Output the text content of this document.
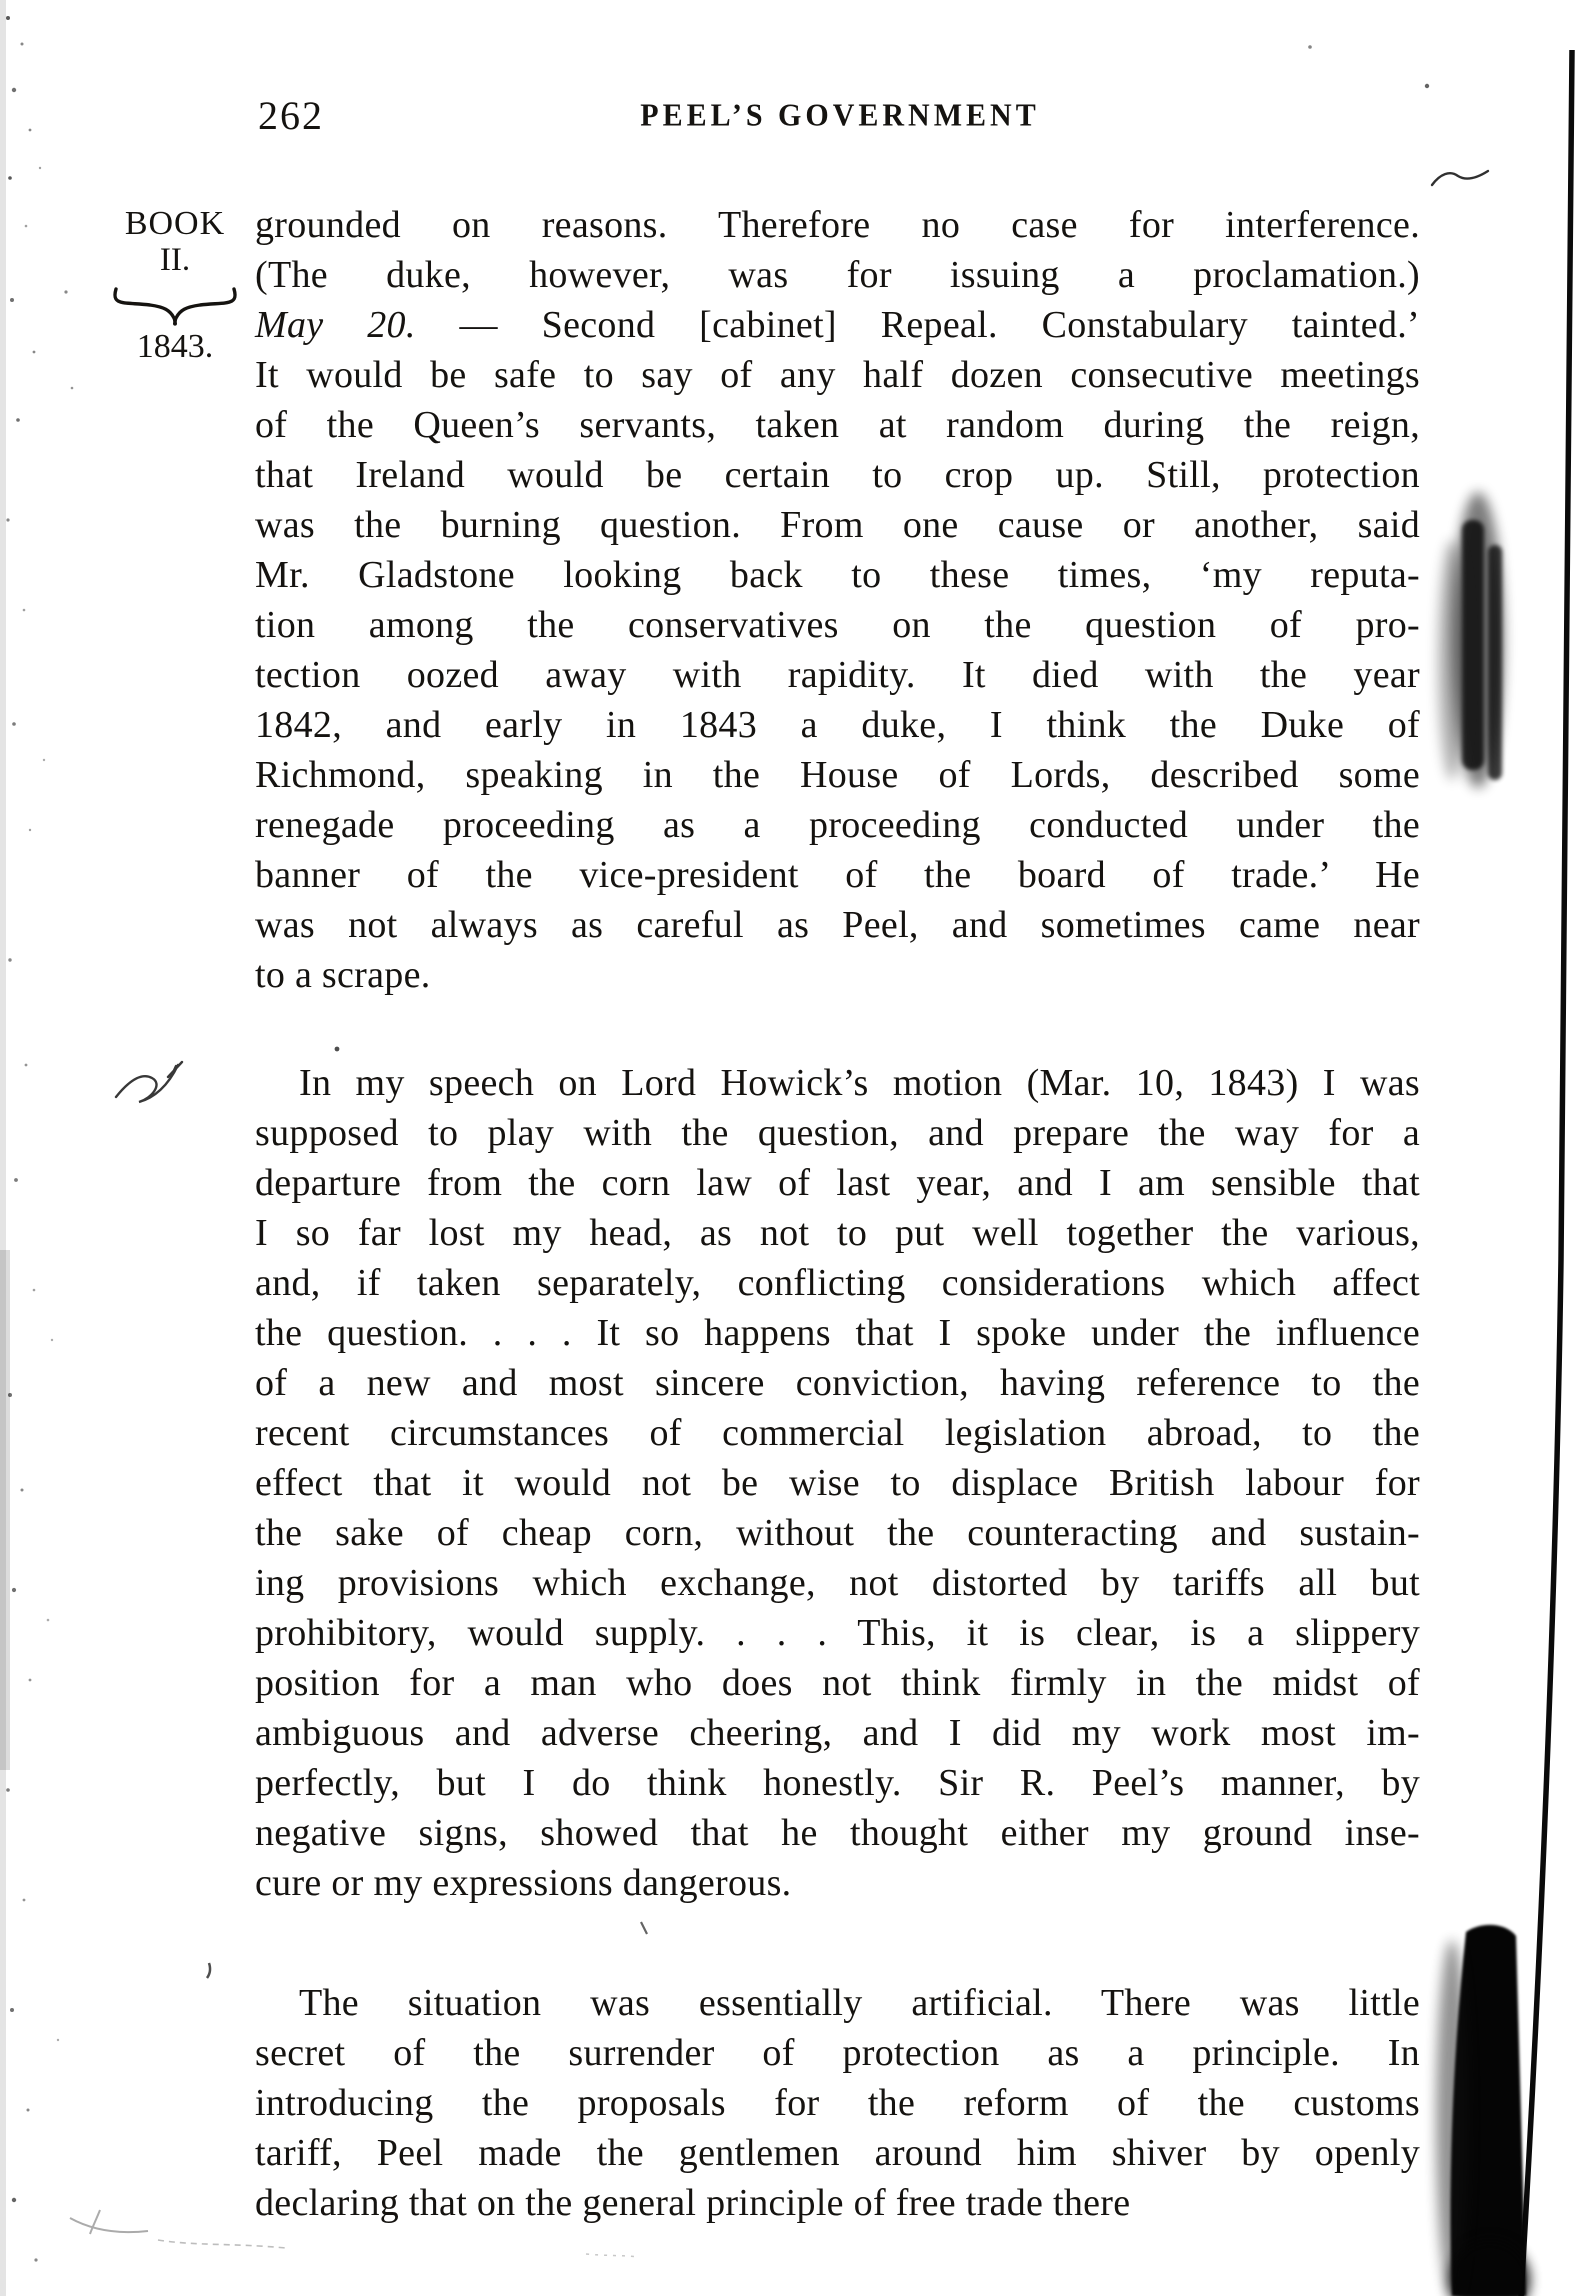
262	PEEL’S GOVERNMENT
BOOK
II.
1843.
grounded on reasons. Therefore no case for interference.
(The duke, however, was for issuing a proclamation.)
May 20. — Second [cabinet] Repeal. Constabulary tainted.’
It would be safe to say of any half dozen consecutive meetings
of the Queen’s servants, taken at random during the reign,
that Ireland would be certain to crop up. Still, protection
was the burning question. From one cause or another, said
Mr. Gladstone looking back to these times, ‘my reputa-
tion among the conservatives on the question of pro-
tection oozed away with rapidity. It died with the year
1842, and early in 1843 a duke, I think the Duke of
Richmond, speaking in the House of Lords, described some
renegade proceeding as a proceeding conducted under the
banner of the vice-president of the board of trade.’ He
was not always as careful as Peel, and sometimes came near
to a scrape.
In my speech on Lord Howick’s motion (Mar. 10, 1843) I was
supposed to play with the question, and prepare the way for a
departure from the corn law of last year, and I am sensible that
I so far lost my head, as not to put well together the various,
and, if taken separately, conflicting considerations which affect
the question. . . . It so happens that I spoke under the influence
of a new and most sincere conviction, having reference to the
recent circumstances of commercial legislation abroad, to the
effect that it would not be wise to displace British labour for
the sake of cheap corn, without the counteracting and sustain-
ing provisions which exchange, not distorted by tariffs all but
prohibitory, would supply. . . . This, it is clear, is a slippery
position for a man who does not think firmly in the midst of
ambiguous and adverse cheering, and I did my work most im-
perfectly, but I do think honestly. Sir R. Peel’s manner, by
negative signs, showed that he thought either my ground inse-
cure or my expressions dangerous.
The situation was essentially artificial. There was little
secret of the surrender of protection as a principle. In
introducing the proposals for the reform of the customs
tariff, Peel made the gentlemen around him shiver by openly
declaring that on the general principle of free trade there
